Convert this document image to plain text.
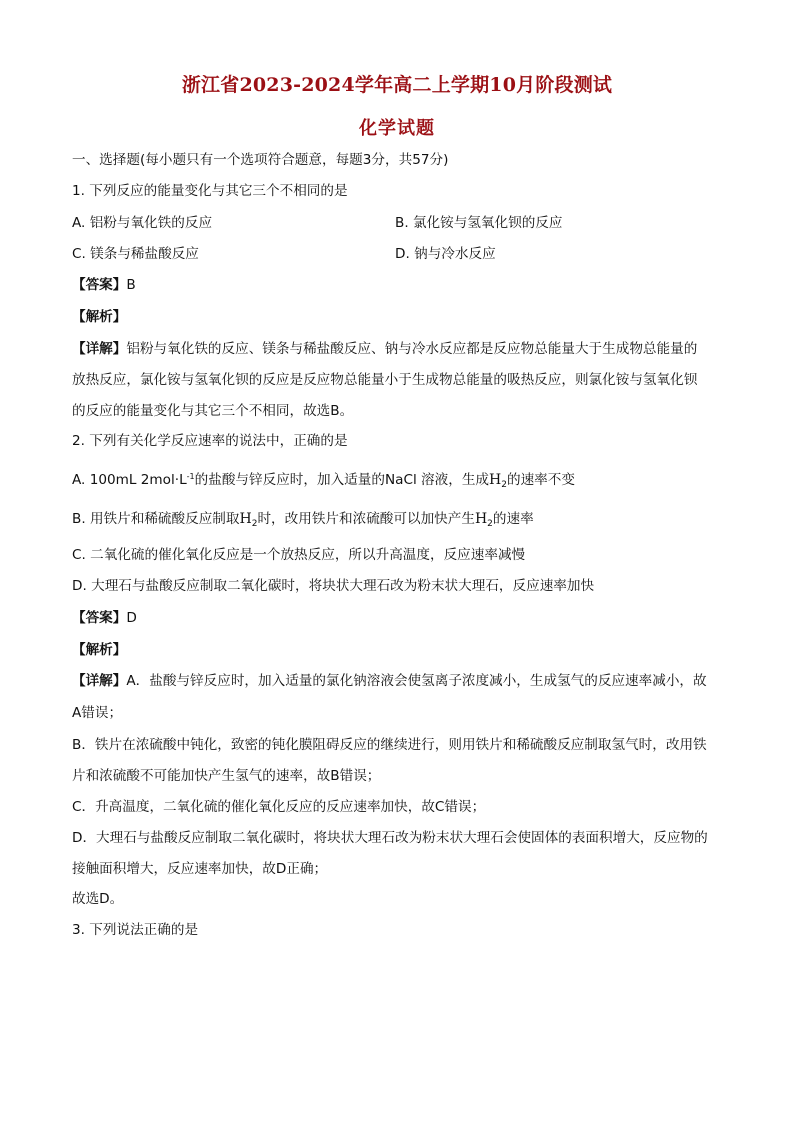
浙江省2023-2024学年高二上学期10月阶段测试
化学试题
一、选择题(每小题只有一个选项符合题意，每题3分，共57分)
1. 下列反应的能量变化与其它三个不相同的是
A. 铝粉与氧化铁的反应	B. 氯化铵与氢氧化钡的反应
C. 镁条与稀盐酸反应	D. 钠与冷水反应
【答案】B
【解析】
【详解】铝粉与氧化铁的反应、镁条与稀盐酸反应、钠与冷水反应都是反应物总能量大于生成物总能量的
放热反应，氯化铵与氢氧化钡的反应是反应物总能量小于生成物总能量的吸热反应，则氯化铵与氢氧化钡
的反应的能量变化与其它三个不相同，故选B。
2. 下列有关化学反应速率的说法中，正确的是
A. 100mL $2mol\cdot L^{-1}$的盐酸与锌反应时，加入适量的NaCl 溶液，生成$H_2$的速率不变
B. 用铁片和稀硫酸反应制取$H_2$时，改用铁片和浓硫酸可以加快产生$H_2$的速率
C. 二氧化硫的催化氧化反应是一个放热反应，所以升高温度，反应速率减慢
D. 大理石与盐酸反应制取二氧化碳时，将块状大理石改为粉末状大理石，反应速率加快
【答案】D
【解析】
【详解】A．盐酸与锌反应时，加入适量的氯化钠溶液会使氢离子浓度减小，生成氢气的反应速率减小，故
A错误；
B．铁片在浓硫酸中钝化，致密的钝化膜阻碍反应的继续进行，则用铁片和稀硫酸反应制取氢气时，改用铁
片和浓硫酸不可能加快产生氢气的速率，故B错误；
C．升高温度，二氧化硫的催化氧化反应的反应速率加快，故C错误；
D．大理石与盐酸反应制取二氧化碳时，将块状大理石改为粉末状大理石会使固体的表面积增大，反应物的
接触面积增大，反应速率加快，故D正确；
故选D。
3. 下列说法正确的是
